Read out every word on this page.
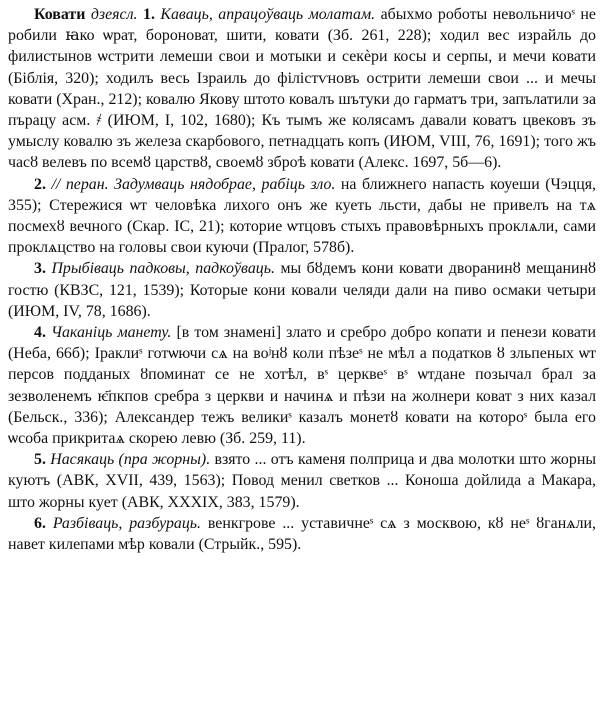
Ковати дзеясл. 1. Каваць, апрацоўваць молатам. абыхмо роботы невольничоˢ не робили ꙗко ѡрат, бороноват, шити, ковати (Зб. 261, 228); ходил вес израйль до филистынов ѡстрити лемеши свои и мотыки и секѐри косы и серпы, и мечи ковати (Біблія, 320); ходилъ весь Ізраиль до філістѵновъ острити лемеши свои ... и мечы ковати (Хран., 212); ковалю Якову штото ковалъ шътуки до гарматъ три, запълатили за пърацу асм. ҂ (ИЮМ, I, 102, 1680); Къ тымъ же колясамъ давали коватъ цвековъ зъ умыслу ковалю зъ железа скарбового, петнадцать копъ (ИЮМ, VIII, 76, 1691); того жъ часȣ велевъ по всемȣ царствȣ, своемȣ зброѣ ковати (Алекс. 1697, 5б—6).

2. // перан. Задумваць нядобрае, рабіць зло. на ближнего напасть коуеши (Чэцця, 355); Стережися ѡт человѣка лихого онъ же куеть льсти, дабы не привелъ на тѧ посмехȣ вечного (Скар. IC, 21); которие ѡтцовъ стыхъ правовѣрныхъ проклѧли, сами проклѧцство на головы свои куючи (Пралог, 578б).

3. Прыбіваць падковы, падкоўваць. мы бȣдемъ кони ковати дворанинȣ мещанинȣ гостю (КВЗС, 121, 1539); Которые кони ковали челяди дали на пиво осмаки четыри (ИЮМ, IV, 78, 1686).

4. Чаканіць манету. [в том знамені] злато и сребро добро копати и пенези ковати (Неба, 66б); Іраклиˢ готѡючи сѧ на воʲнȣ коли пѣзеˢ не мѣл а податков ȣ зльпеных ѡт персов подданых ȣпоминат се не хотѣл, вˢ церквеˢ вˢ ѡтдане позычал брал за зезволенемъ ѥ҃пкпов сребра з церкви и начинѧ и пѣзи на жолнери коват з них казал (Бельск., 336); Александер тежъ великиˢ казалъ монетȣ ковати на котороˢ была его ѡсоба прикритаѧ скорею левю (Зб. 259, 11).

5. Насякаць (пра жорны). взято ... отъ каменя полприца и два молотки што жорны куютъ (АВК, XVII, 439, 1563); Повод менил светков ... Коноша дойлида а Макара, што жорны кует (АВК, XXXIX, 383, 1579).

6. Разбіваць, разбураць. венкгрове ... уставичнеˢ сѧ з москвою, кȣ неˢ ȣганѧли, навет килепами мѣр ковали (Стрыйк., 595).
